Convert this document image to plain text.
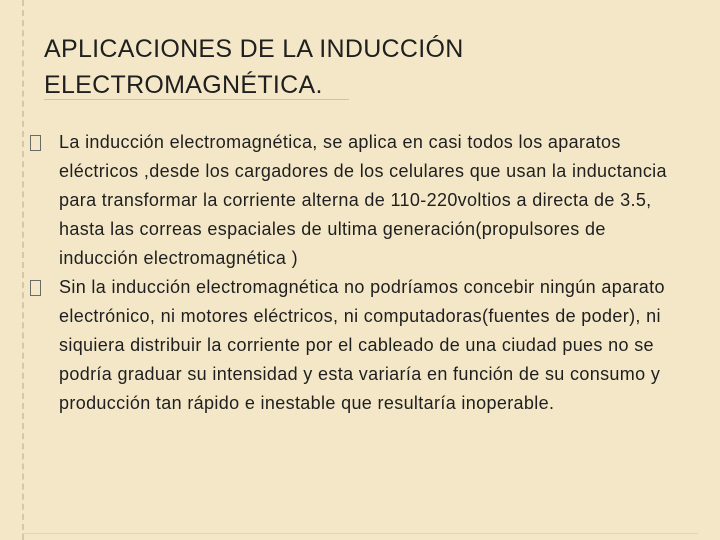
APLICACIONES DE LA INDUCCIÓN
ELECTROMAGNÉTICA.
La inducción electromagnética, se aplica en casi todos los aparatos eléctricos ,desde los cargadores de los celulares que usan la inductancia para transformar la corriente alterna de 110-220voltios a directa de 3.5, hasta las correas espaciales de ultima generación(propulsores de inducción electromagnética )
Sin la inducción electromagnética no podríamos concebir ningún aparato electrónico, ni motores eléctricos, ni computadoras(fuentes de poder), ni siquiera distribuir la corriente por el cableado de una ciudad pues no se podría graduar su intensidad y esta variaría en función de su consumo y producción tan rápido e inestable que resultaría inoperable.
